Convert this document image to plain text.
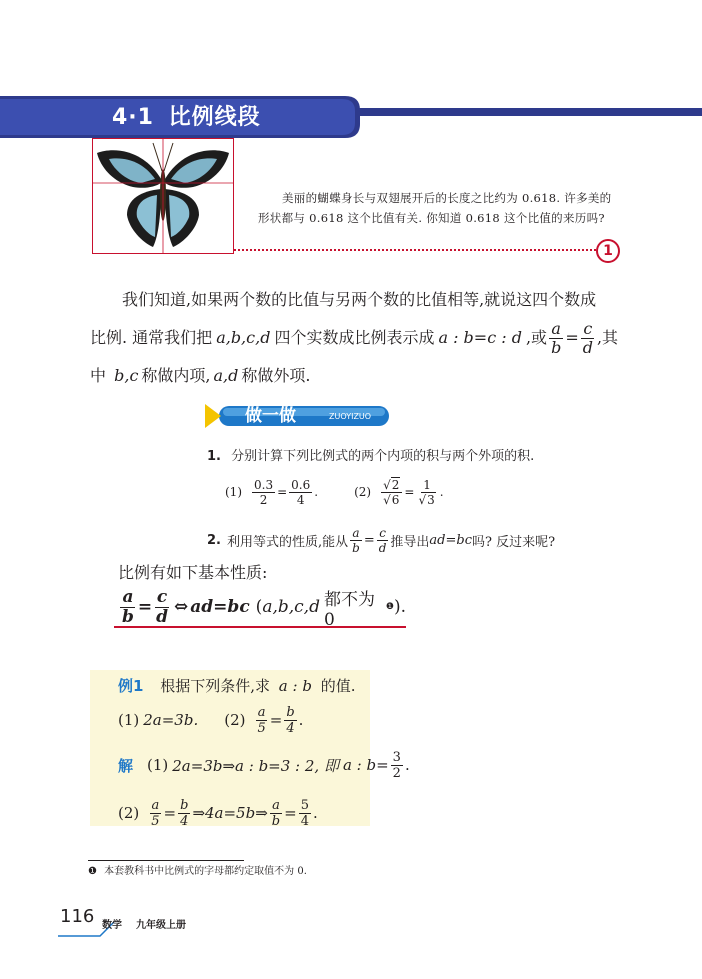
4·1 比例线段
美丽的蝴蝶身长与双翅展开后的长度之比约为 0.618. 许多美的形状都与 0.618 这个比值有关. 你知道 0.618 这个比值的来历吗?
1
我们知道,如果两个数的比值与另两个数的比值相等,就说这四个数成
比例. 通常我们把 a,b,c,d 四个实数成比例表示成 a : b=c : d ,或 $\frac{a}{b} = \frac{c}{d}$ ,其
中 b,c 称做内项, a,d 称做外项.
做一做	ZUOYIZUO
1. 分别计算下列比例式的两个内项的积与两个外项的积.
$(1) \frac{0.3}{2} = \frac{0.6}{4}$ .	$(2) \frac{√2}{√6} = \frac{1}{√3}$ .
2. 利用等式的性质,能从 $\frac{a}{b} = \frac{c}{d}$ 推导出 ad=bc 吗? 反过来呢?
比例有如下基本性质:
$\frac{a}{b} = \frac{c}{d}$ ⇔ ad=bc ( a,b,c,d 都不为 0
❶ ).
例1 根据下列条件,求 a : b 的值.
(1) 2a=3b. $(2) \frac{a}{5} = \frac{b}{4}$ .
解 (1) 2a=3b⇒a : b=3 : 2, 即 a : $b= \frac{3}{2}$ .
$(2) \frac{a}{5} = \frac{b}{4}$ ⇒4a=5b⇒ $\frac{a}{b} = \frac{5}{4}$ .
❶ 本套教科书中比例式的字母都约定取值不为 0.
116 数学 九年级上册
